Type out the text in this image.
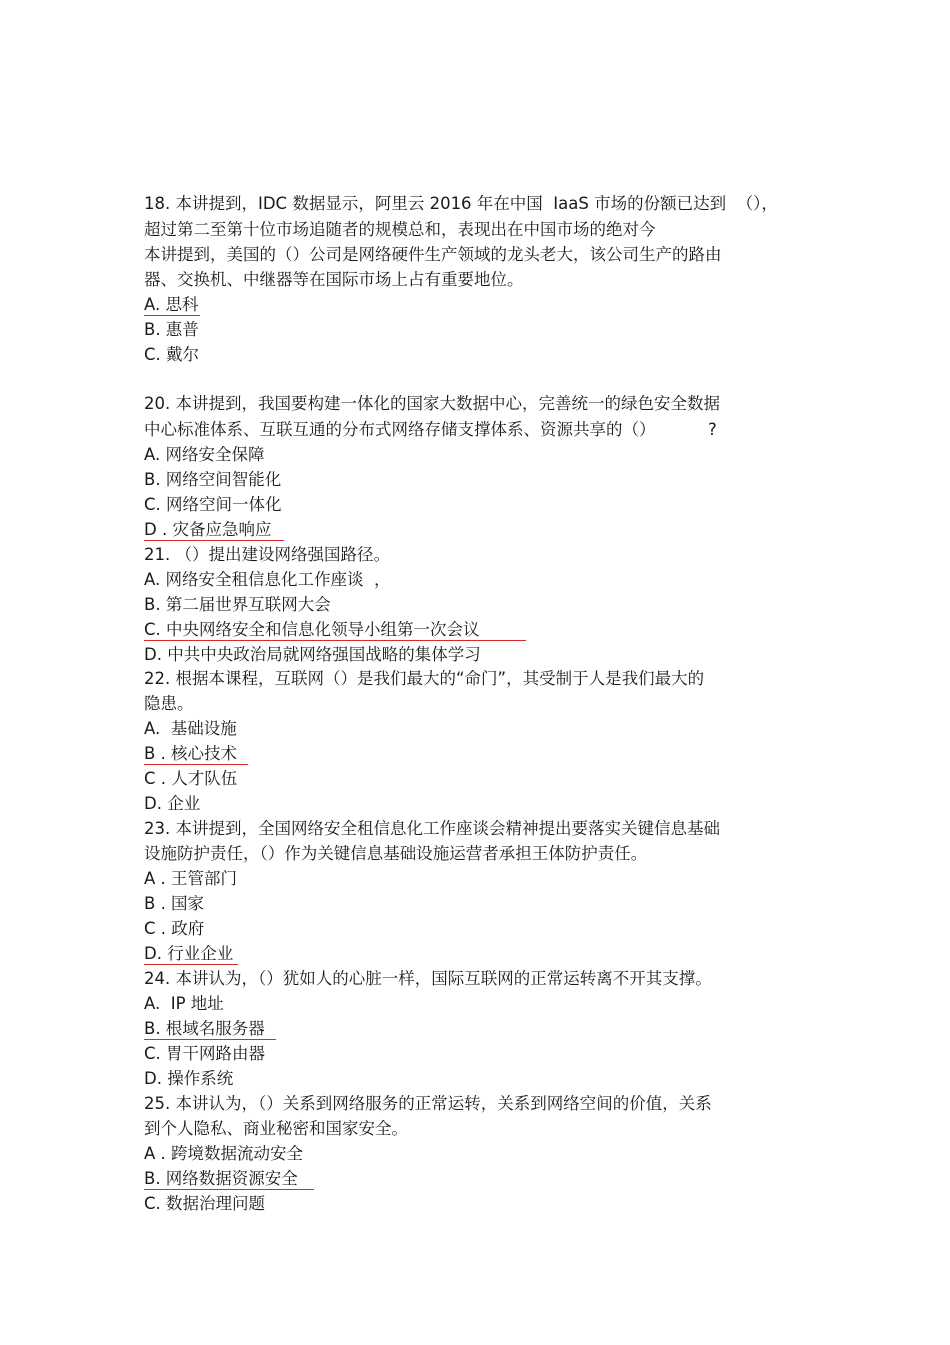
18. 本讲提到，IDC 数据显示，阿里云 2016 年在中国  IaaS 市场的份额已达到  （），
超过第二至第十位市场追随者的规模总和，表现出在中国市场的绝对今
本讲提到，美国的（）公司是网络硬件生产领域的龙头老大，该公司生产的路由
器、交换机、中继器等在国际市场上占有重要地位。
A. 思科
B. 惠普
C. 戴尔
20. 本讲提到，我国要构建一体化的国家大数据中心，完善统一的绿色安全数据
中心标准体系、互联互通的分布式网络存储支撑体系、资源共享的（）          ?
A. 网络安全保障
B. 网络空间智能化
C. 网络空间一体化
D . 灾备应急响应
21. （）提出建设网络强国路径。
A. 网络安全租信息化工作座谈  ，
B. 第二届世界互联网大会
C. 中央网络安全和信息化领导小组第一次会议
D. 中共中央政治局就网络强国战略的集体学习
22. 根据本课程，互联网（）是我们最大的“命门”，其受制于人是我们最大的
隐患。
A.  基础设施
B . 核心技术
C . 人才队伍
D. 企业
23. 本讲提到，全国网络安全租信息化工作座谈会精神提出要落实关键信息基础
设施防护责任，（）作为关键信息基础设施运营者承担王体防护责任。
A . 王管部门
B . 国家
C . 政府
D. 行业企业
24. 本讲认为，（）犹如人的心脏一样，国际互联网的正常运转离不开其支撑。
A.  IP 地址
B. 根域名服务器
C. 胃干网路由器
D. 操作系统
25. 本讲认为，（）关系到网络服务的正常运转，关系到网络空间的价值，关系
到个人隐私、商业秘密和国家安全。
A . 跨境数据流动安全
B. 网络数据资源安全
C. 数据治理问题
